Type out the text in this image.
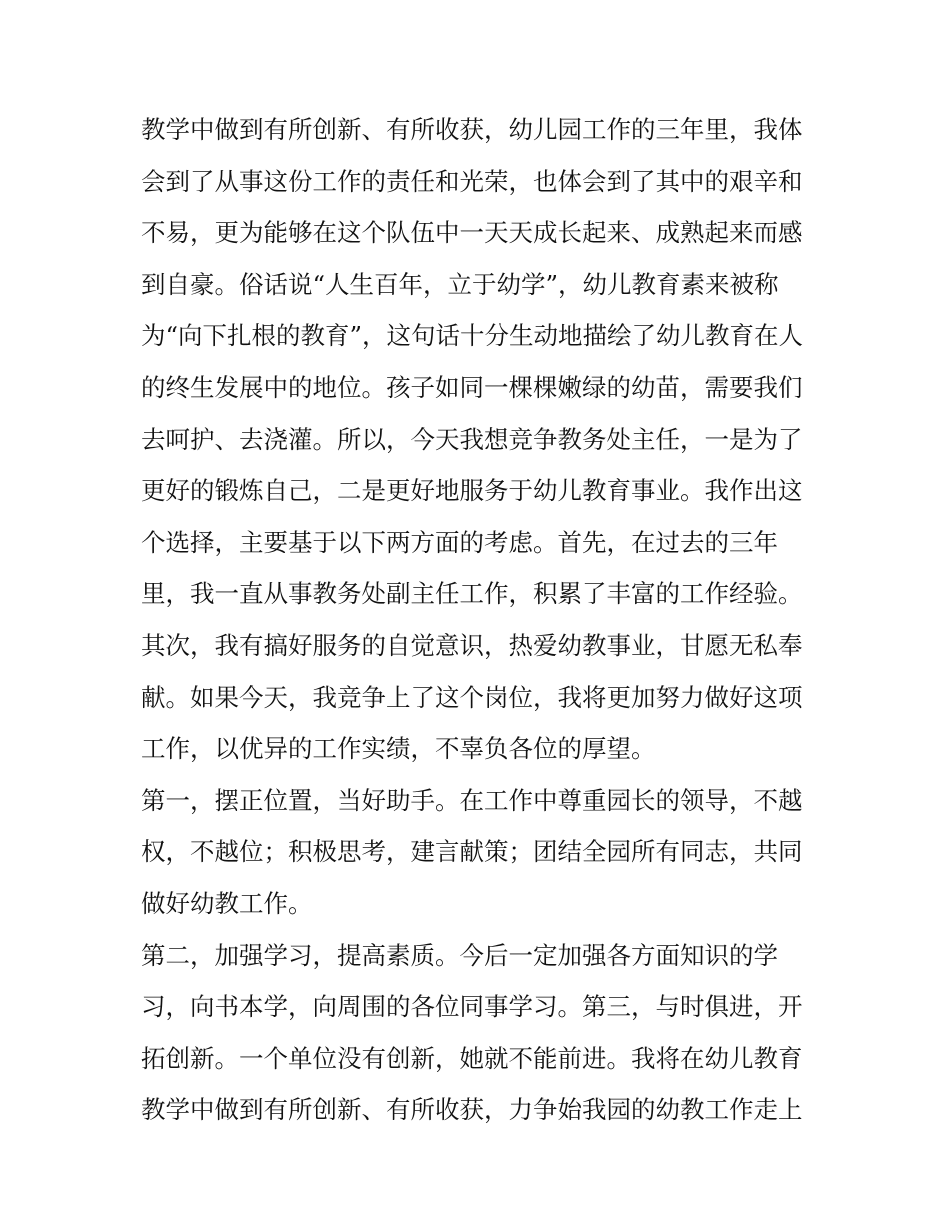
教学中做到有所创新、有所收获，幼儿园工作的三年里，我体
会到了从事这份工作的责任和光荣，也体会到了其中的艰辛和
不易，更为能够在这个队伍中一天天成长起来、成熟起来而感
到自豪。俗话说“人生百年，立于幼学”，幼儿教育素来被称
为“向下扎根的教育”，这句话十分生动地描绘了幼儿教育在人
的终生发展中的地位。孩子如同一棵棵嫩绿的幼苗，需要我们
去呵护、去浇灌。所以，今天我想竞争教务处主任，一是为了
更好的锻炼自己，二是更好地服务于幼儿教育事业。我作出这
个选择，主要基于以下两方面的考虑。首先，在过去的三年
里，我一直从事教务处副主任工作，积累了丰富的工作经验。
其次，我有搞好服务的自觉意识，热爱幼教事业，甘愿无私奉
献。如果今天，我竞争上了这个岗位，我将更加努力做好这项
工作，以优异的工作实绩，不辜负各位的厚望。

第一，摆正位置，当好助手。在工作中尊重园长的领导，不越
权，不越位；积极思考，建言献策；团结全园所有同志，共同
做好幼教工作。

第二，加强学习，提高素质。今后一定加强各方面知识的学
习，向书本学，向周围的各位同事学习。第三，与时俱进，开
拓创新。一个单位没有创新，她就不能前进。我将在幼儿教育
教学中做到有所创新、有所收获，力争始我园的幼教工作走上
